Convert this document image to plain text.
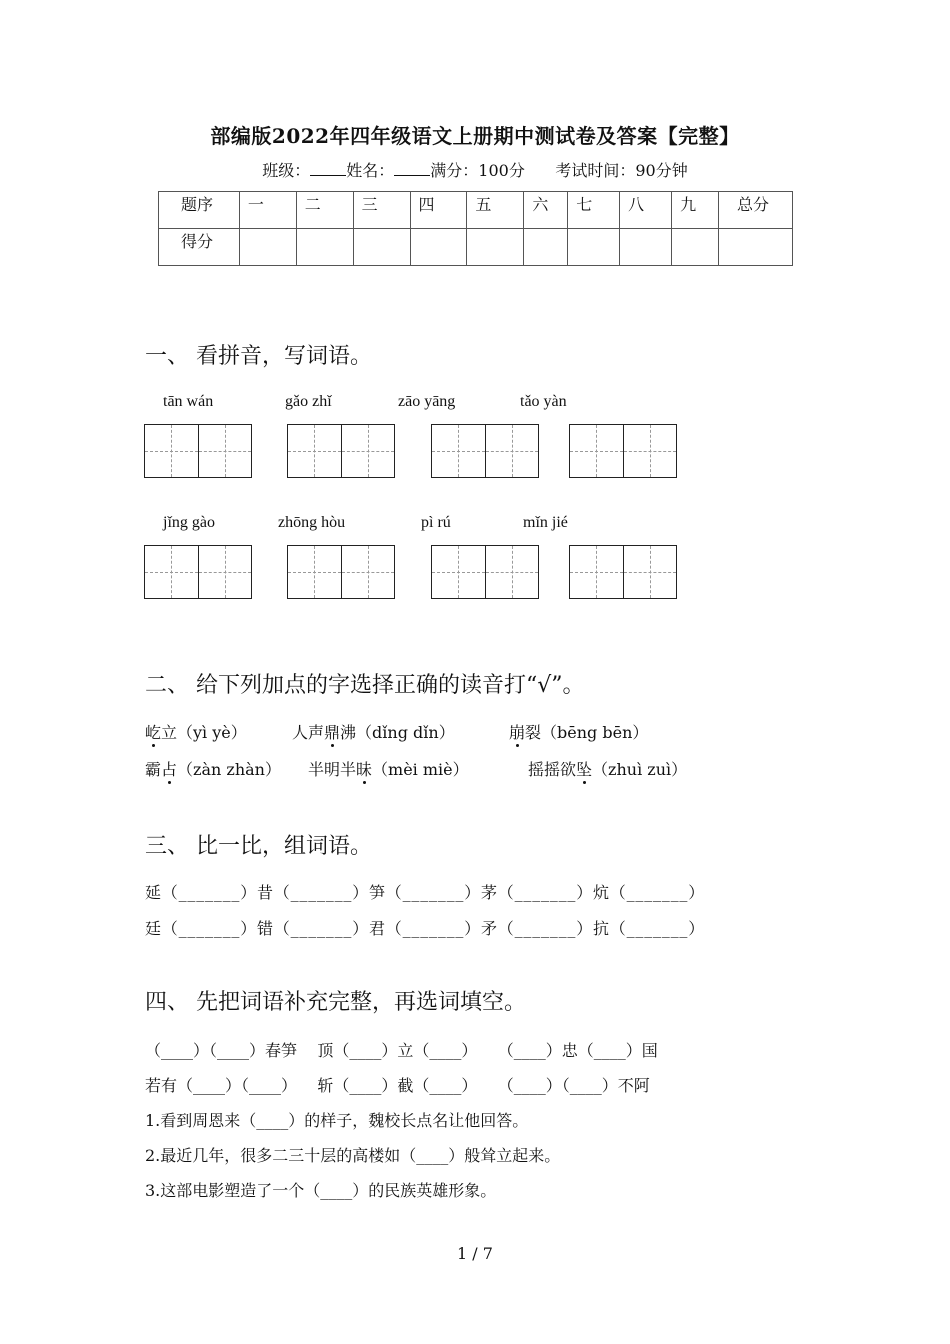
部编版2022年四年级语文上册期中测试卷及答案【完整】
班级： 姓名： 满分：100分 考试时间：90分钟
题序	一	二	三	四	五	六	七	八	九	总分
得分										
一、 看拼音，写词语。
tān wán	gǎo zhǐ	zāo yāng	tǎo yàn
jǐng gào	zhōng hòu	pì rú	mǐn jié
二、 给下列加点的字选择正确的读音打“√”。
屹立（yì yè）	人声鼎沸（dǐng dǐn）	崩裂（bēng bēn）
霸占（zàn zhàn） 半明半昧（mèi miè）	摇摇欲坠（zhuì zuì）
三、 比一比，组词语。
延（_______）昔（_______）笋（_______）茅（_______）炕（_______）
廷（_______）错（_______）君（_______）矛（_______）抗（_______）
四、 先把词语补充完整，再选词填空。
（____）（____）春笋    顶（____）立（____）    （____）忠（____）国
若有（____）（____）    斩（____）截（____）    （____）（____）不阿
1.看到周恩来（____）的样子，魏校长点名让他回答。
2.最近几年，很多二三十层的高楼如（____）般耸立起来。
3.这部电影塑造了一个（____）的民族英雄形象。
1 / 7
